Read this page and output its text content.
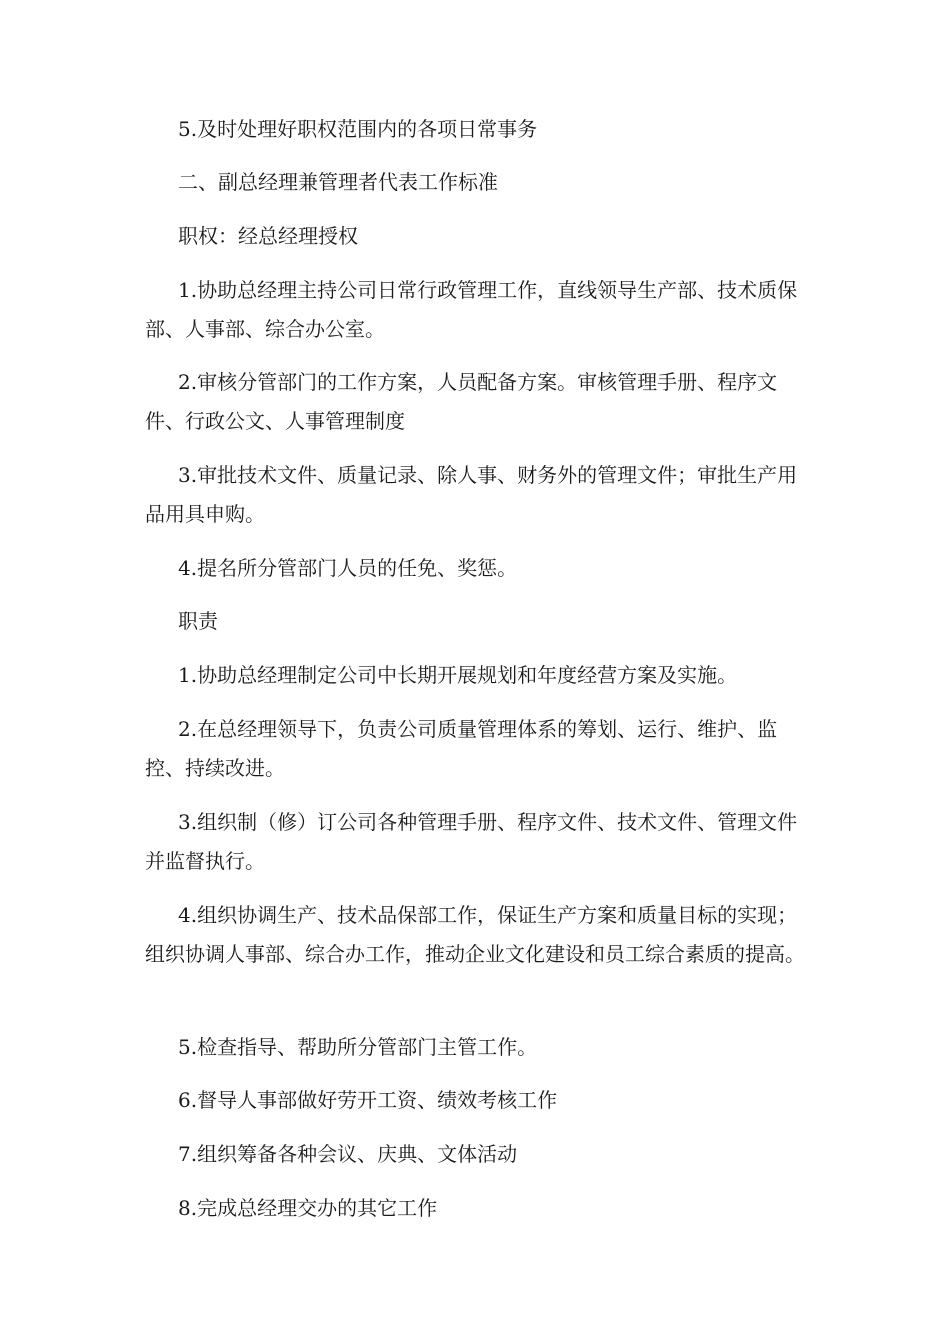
5.及时处理好职权范围内的各项日常事务

二、副总经理兼管理者代表工作标准

职权：经总经理授权

1.协助总经理主持公司日常行政管理工作，直线领导生产部、技术质保部、人事部、综合办公室。

2.审核分管部门的工作方案，人员配备方案。审核管理手册、程序文件、行政公文、人事管理制度

3.审批技术文件、质量记录、除人事、财务外的管理文件；审批生产用品用具申购。

4.提名所分管部门人员的任免、奖惩。

职责

1.协助总经理制定公司中长期开展规划和年度经营方案及实施。

2.在总经理领导下，负责公司质量管理体系的筹划、运行、维护、监控、持续改进。

3.组织制（修）订公司各种管理手册、程序文件、技术文件、管理文件并监督执行。

4.组织协调生产、技术品保部工作，保证生产方案和质量目标的实现；组织协调人事部、综合办工作，推动企业文化建设和员工综合素质的提高。

5.检查指导、帮助所分管部门主管工作。

6.督导人事部做好劳开工资、绩效考核工作

7.组织筹备各种会议、庆典、文体活动

8.完成总经理交办的其它工作
